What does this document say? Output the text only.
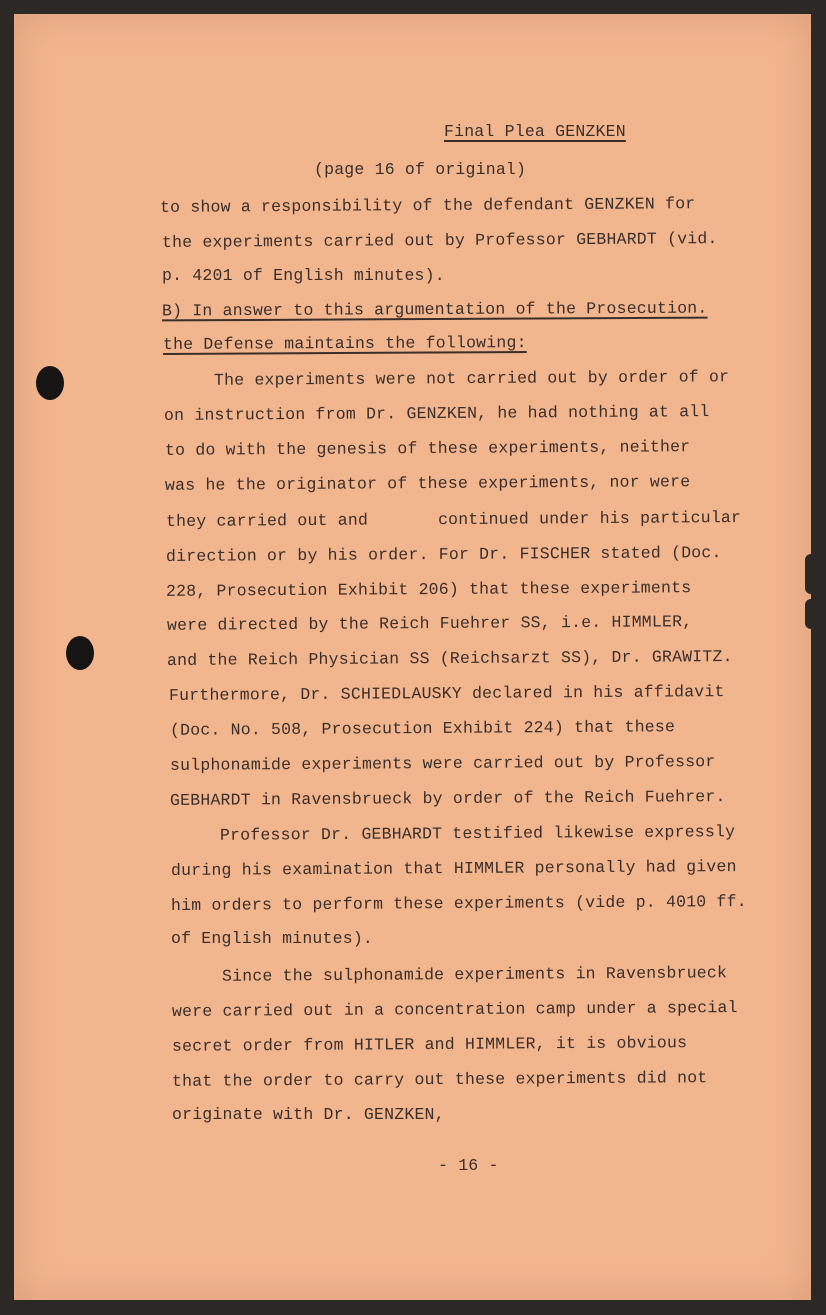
Final Plea GENZKEN
(page 16 of original)
to show a responsibility of the defendant GENZKEN for
the experiments carried out by Professor GEBHARDT (vid.
p. 4201 of English minutes).
B) In answer to this argumentation of the Prosecution.
the Defense maintains the following:
The experiments were not carried out by order of or
on instruction from Dr. GENZKEN, he had nothing at all
to do with the genesis of these experiments, neither
was he the originator of these experiments, nor were
they carried out and	continued under his particular
direction or by his order. For Dr. FISCHER stated (Doc.
228, Prosecution Exhibit 206) that these experiments
were directed by the Reich Fuehrer SS, i.e. HIMMLER,
and the Reich Physician SS (Reichsarzt SS), Dr. GRAWITZ.
Furthermore, Dr. SCHIEDLAUSKY declared in his affidavit
(Doc. No. 508, Prosecution Exhibit 224) that these
sulphonamide experiments were carried out by Professor
GEBHARDT in Ravensbrueck by order of the Reich Fuehrer.
Professor Dr. GEBHARDT testified likewise expressly
during his examination that HIMMLER personally had given
him orders to perform these experiments (vide p. 4010 ff.
of English minutes).
Since the sulphonamide experiments in Ravensbrueck
were carried out in a concentration camp under a special
secret order from HITLER and HIMMLER, it is obvious
that the order to carry out these experiments did not
originate with Dr. GENZKEN,
- 16 -
